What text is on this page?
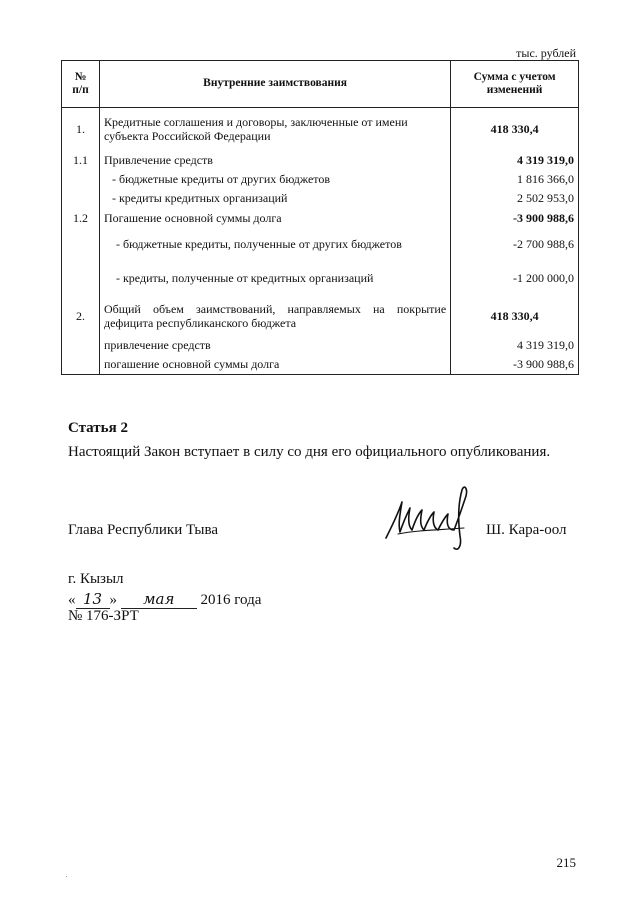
тыс. рублей
№ п/п	Внутренние заимствования	Сумма с учетом изменений
1.	Кредитные соглашения и договоры, заключенные от имени субъекта Российской Федерации	418 330,4
1.1	Привлечение средств	4 319 319,0
	- бюджетные кредиты от других бюджетов	1 816 366,0
	- кредиты кредитных организаций	2 502 953,0
1.2	Погашение основной суммы долга	-3 900 988,6
	- бюджетные кредиты, полученные от других бюджетов	-2 700 988,6
	- кредиты, полученные от кредитных организаций	-1 200 000,0
2.	Общий объем заимствований, направляемых на покрытие дефицита республиканского бюджета	418 330,4
	привлечение средств	4 319 319,0
	погашение основной суммы долга	-3 900 988,6
Статья 2
Настоящий Закон вступает в силу со дня его официального опубликования.
Глава Республики Тыва	Ш. Кара-оол
г. Кызыл
« 13 » мая 2016 года
№ 176-ЗРТ
215
